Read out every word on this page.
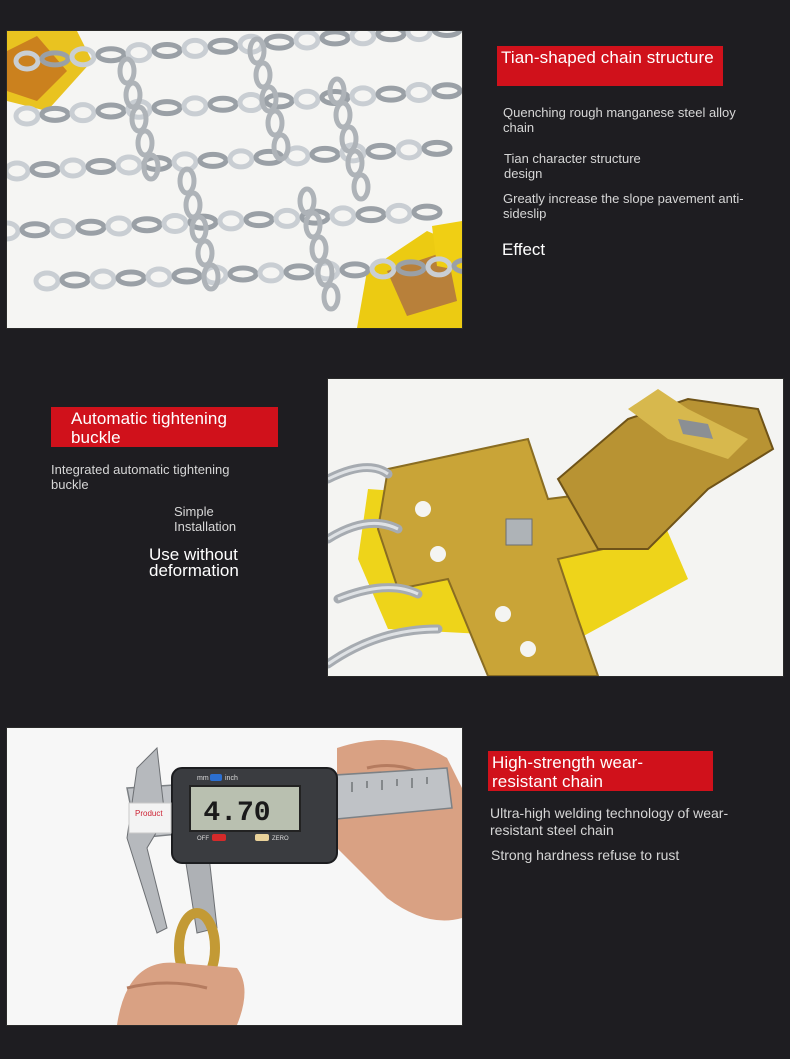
Tian-shaped chain structure
Quenching rough manganese steel alloy chain
Tian character structure design
Greatly increase the slope pavement anti-sideslip
Effect
Automatic tightening buckle
Integrated automatic tightening buckle
Simple Installation
Use without deformation
4.70
mm inch
OFF	ZERO
Product
High-strength wear-resistant chain
Ultra-high welding technology of wear-resistant steel chain
Strong hardness refuse to rust
